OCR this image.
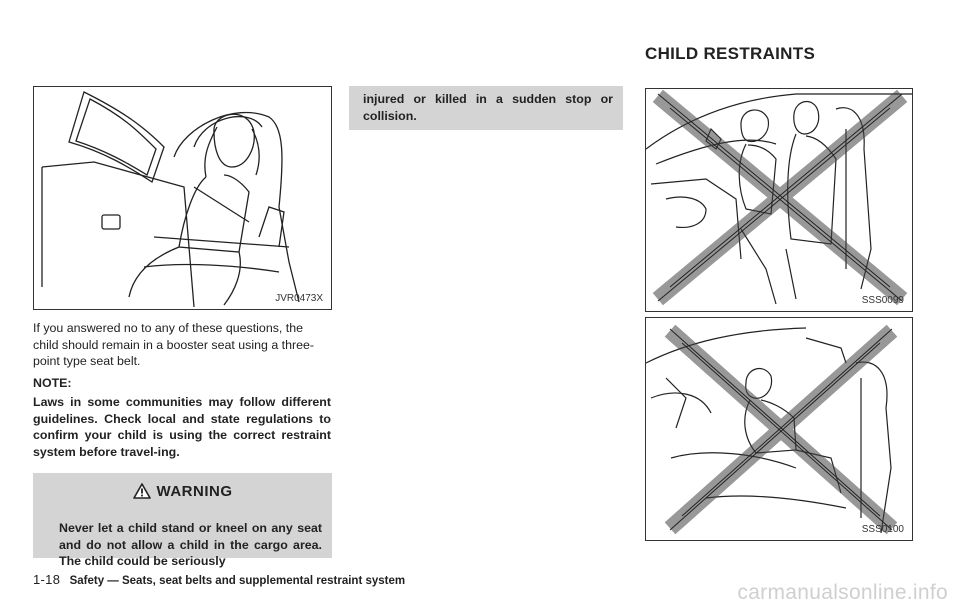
CHILD RESTRAINTS
JVR0473X

If you answered no to any of these questions, the child should remain in a booster seat using a three-point type seat belt.

NOTE:
Laws in some communities may follow different guidelines. Check local and state regulations to confirm your child is using the correct restraint system before travel-ing.
WARNING
Never let a child stand or kneel on any seat and do not allow a child in the cargo area. The child could be seriously
injured or killed in a sudden stop or collision.
SSS0099
SSS0100
1-18 Safety — Seats, seat belts and supplemental restraint system	carmanualsonline.info
